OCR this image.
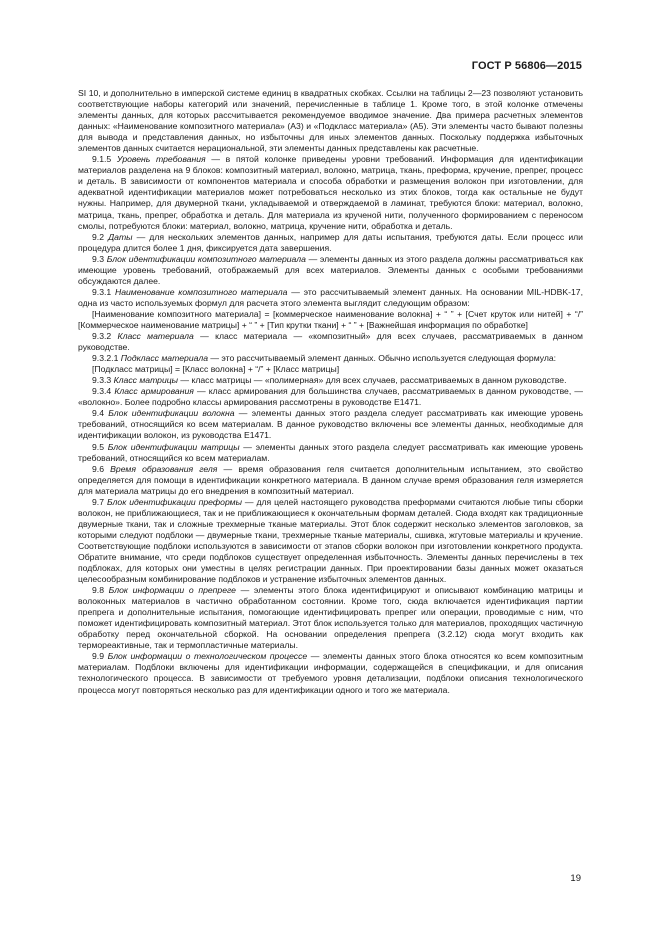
ГОСТ Р 56806—2015

SI 10, и дополнительно в имперской системе единиц в квадратных скобках. Ссылки на таблицы 2—23 позволяют установить соответствующие наборы категорий или значений, перечисленные в таблице 1. Кроме того, в этой колонке отмечены элементы данных, для которых рассчитывается рекомендуемое вводимое значение. Два примера расчетных элементов данных: «Наименование композитного материала» (А3) и «Подкласс материала» (А5). Эти элементы часто бывают полезны для вывода и представления данных, но избыточны для иных элементов данных. Поскольку поддержка избыточных элементов данных считается нерациональной, эти элементы данных представлены как расчетные.

9.1.5 Уровень требования — в пятой колонке приведены уровни требований. Информация для идентификации материалов разделена на 9 блоков: композитный материал, волокно, матрица, ткань, преформа, кручение, препрег, процесс и деталь. В зависимости от компонентов материала и способа обработки и размещения волокон при изготовлении, для адекватной идентификации материалов может потребоваться несколько из этих блоков, тогда как остальные не будут нужны. Например, для двумерной ткани, укладываемой и отверждаемой в ламинат, требуются блоки: материал, волокно, матрица, ткань, препрег, обработка и деталь. Для материала из крученой нити, полученного формированием с переносом смолы, потребуются блоки: материал, волокно, матрица, кручение нити, обработка и деталь.

9.2 Даты — для нескольких элементов данных, например для даты испытания, требуются даты. Если процесс или процедура длится более 1 дня, фиксируется дата завершения.

9.3 Блок идентификации композитного материала — элементы данных из этого раздела должны рассматриваться как имеющие уровень требований, отображаемый для всех материалов. Элементы данных с особыми требованиями обсуждаются далее.

9.3.1 Наименование композитного материала — это рассчитываемый элемент данных. На основании MIL-HDBK-17, одна из часто используемых формул для расчета этого элемента выглядит следующим образом:

[Наименование композитного материала] = [коммерческое наименование волокна] + “ ” + [Счет круток или нитей] + “/” [Коммерческое наименование матрицы] + “ ” + [Тип крутки ткани] + “ ” + [Важнейшая информация по обработке]

9.3.2 Класс материала — класс материала — «композитный» для всех случаев, рассматриваемых в данном руководстве.

9.3.2.1 Подкласс материала — это рассчитываемый элемент данных. Обычно используется следующая формула:

[Подкласс матрицы] = [Класс волокна] + “/” + [Класс матрицы]

9.3.3 Класс матрицы — класс матрицы — «полимерная» для всех случаев, рассматриваемых в данном руководстве.

9.3.4 Класс армирования — класс армирования для большинства случаев, рассматриваемых в данном руководстве, — «волокно». Более подробно классы армирования рассмотрены в руководстве Е1471.

9.4 Блок идентификации волокна — элементы данных этого раздела следует рассматривать как имеющие уровень требований, относящийся ко всем материалам. В данное руководство включены все элементы данных, необходимые для идентификации волокон, из руководства Е1471.

9.5 Блок идентификации матрицы — элементы данных этого раздела следует рассматривать как имеющие уровень требований, относящийся ко всем материалам.

9.6 Время образования геля — время образования геля считается дополнительным испытанием, это свойство определяется для помощи в идентификации конкретного материала. В данном случае время образования геля измеряется для материала матрицы до его внедрения в композитный материал.

9.7 Блок идентификации преформы — для целей настоящего руководства преформами считаются любые типы сборки волокон, не приближающиеся, так и не приближающиеся к окончательным формам деталей. Сюда входят как традиционные двумерные ткани, так и сложные трехмерные тканые материалы. Этот блок содержит несколько элементов заголовков, за которыми следуют подблоки — двумерные ткани, трехмерные тканые материалы, сшивка, жгутовые материалы и кручение. Соответствующие подблоки используются в зависимости от этапов сборки волокон при изготовлении конкретного продукта. Обратите внимание, что среди подблоков существует определенная избыточность. Элементы данных перечислены в тех подблоках, для которых они уместны в целях регистрации данных. При проектировании базы данных может оказаться целесообразным комбинирование подблоков и устранение избыточных элементов данных.

9.8 Блок информации о препреге — элементы этого блока идентифицируют и описывают комбинацию матрицы и волоконных материалов в частично обработанном состоянии. Кроме того, сюда включается идентификация партии препрега и дополнительные испытания, помогающие идентифицировать препрег или операции, проводимые с ним, что поможет идентифицировать композитный материал. Этот блок используется только для материалов, проходящих частичную обработку перед окончательной сборкой. На основании определения препрега (3.2.12) сюда могут входить как термореактивные, так и термопластичные материалы.

9.9 Блок информации о технологическом процессе — элементы данных этого блока относятся ко всем композитным материалам. Подблоки включены для идентификации информации, содержащейся в спецификации, и для описания технологического процесса. В зависимости от требуемого уровня детализации, подблоки описания технологического процесса могут повторяться несколько раз для идентификации одного и того же материала.

19
